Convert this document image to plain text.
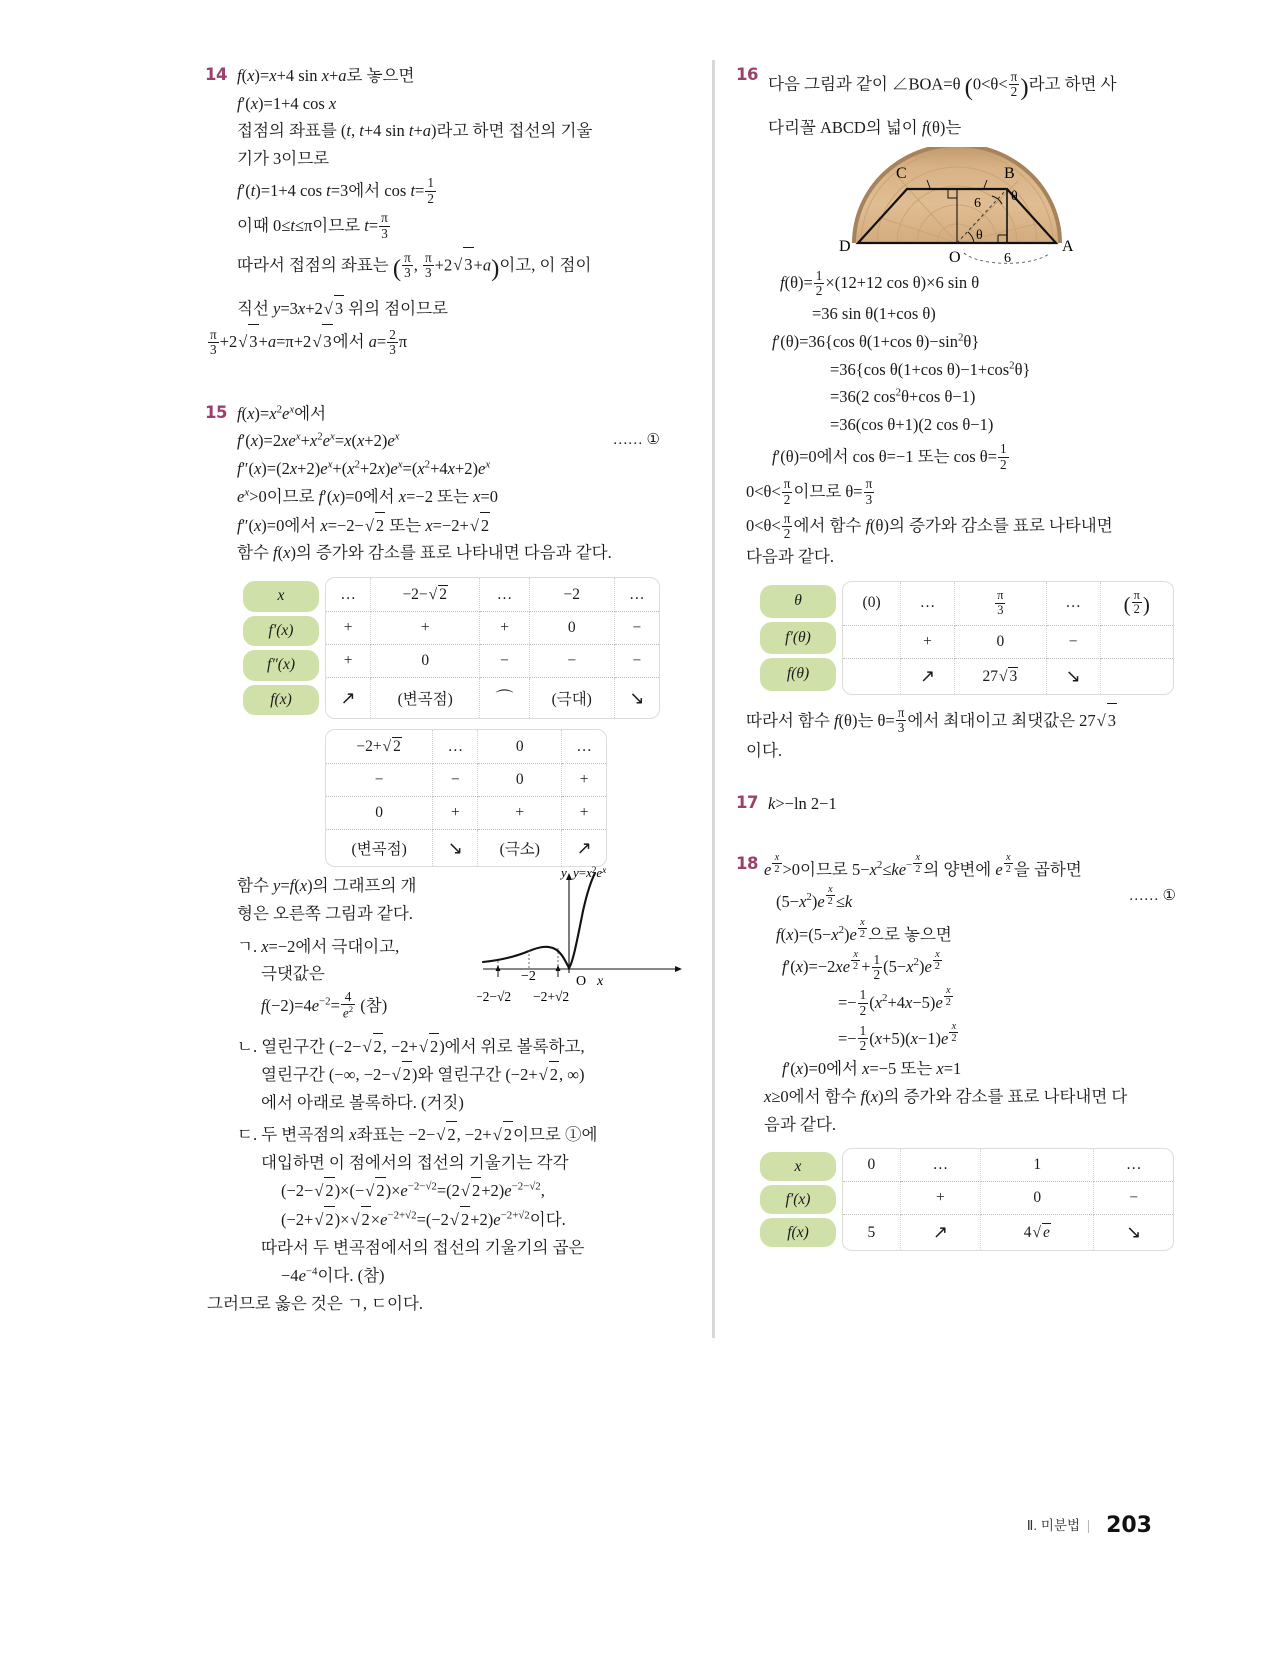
14 f(x)=x+4 sin x+a로 놓으면
f′(x)=1+4 cos x
접점의 좌표를 (t, t+4 sin t+a)라고 하면 접선의 기울
기가 3이므로
f′(t)=1+4 cos t=3에서 $\cos t= \frac{1}{2}$
이때 0≤t≤π이므로 $t= \frac{\pi}{3}$
따라서 접점의 좌표는 ( $\frac{\pi}{3}$ , $\frac{\pi}{3} +2$ √ 3+a)이고, 이 점이
직선 y=3x+2 √ 3 위의 점이므로
$\frac{\pi}{3} +2$ √ 3+a=π+2 √ 3에서 $a= \frac{2}{3}$ π
15 $f(x)=x^2e^x$에서
…… ①
$f'(x)=2xe^x+x^2e^x=x(x+2)e^x$
$f''(x)=(2x+2)e^x+(x^2+2x)e^x=(x^2+4x+2)e^x$
$e^x>0$이므로 f′(x)=0에서 x=−2 또는 x=0
f″(x)=0에서 x=−2− √ 2 또는 x=−2+ √ 2
함수 f(x)의 증가와 감소를 표로 나타내면 다음과 같다.
x
f′(x)
f″(x)
f(x)
…	−2− √ 2	…	−2	…
+	+	+	0	−
+	0	−	−	−
↗	(변곡점)	⌒	(극대)	↘
−2+ √ 2	…	0	…
−	−	0	+
0	+	+	+
(변곡점)	↘	(극소)	↗
y $y=x^2e^x$
O x
−2
−2−√2 −2+√2
함수 y=f(x)의 그래프의 개
형은 오른쪽 그림과 같다.
ㄱ. x=−2에서 극대이고,
극댓값은
$f(-2)=4e^{-2}= \frac{4}{e^2}$ (참)
ㄴ. 열린구간 (−2− √ 2, −2+ √ 2)에서 위로 볼록하고,
열린구간 (−∞, −2− √ 2)와 열린구간 (−2+ √ 2, ∞)
에서 아래로 볼록하다. (거짓)
ㄷ. 두 변곡점의 x좌표는 −2− √ 2, −2+ √ 2이므로 ①에
대입하면 이 점에서의 접선의 기울기는 각각
(−2− √ 2)×(− √ $2)\times e^{-2-√2}=(2$ √ $2+2)e^{-2-√2}$,
(−2+ √ 2)× √ $2\times e^{-2+√2}=(-2$ √ $2+2)e^{-2+√2}$이다.
따라서 두 변곡점에서의 접선의 기울기의 곱은
$-4e^{-4}$이다. (참)
그러므로 옳은 것은 ㄱ, ㄷ이다.
16
다음 그림과 같이 ∠BOA=θ ($0<\theta< \frac{\pi}{2}$ )라고 하면 사
다리꼴 ABCD의 넓이 f(θ)는
C	B
D
O
A
6 θ
θ
6
$f(\theta)= \frac{1}{2} \times(12+12$ cos θ)×6 sin θ
=36 sin θ(1+cos θ)
f′(θ)=36{cos θ(1+cos $\theta)-\sin^2\theta$}
=36{cos θ(1+cos $\theta)-1+\cos^2\theta$}
=36(2 $\cos^2\theta+\cos$ θ−1)
=36(cos θ+1)(2 cos θ−1)
f′(θ)=0에서 cos θ=−1 또는 $\cos \theta= \frac{1}{2}$
$0<\theta< \frac{\pi}{2}$ 이므로 $\theta= \frac{\pi}{3}$
$0<\theta< \frac{\pi}{2}$ 에서 함수 f(θ)의 증가와 감소를 표로 나타내면
다음과 같다.
θ
f′(θ)
f(θ)
(0)	…	$\frac{\pi}{3}$	…	( $\frac{\pi}{2}$ )
	+	0	−	
	↗	27 √ 3	↘	
따라서 함수 f(θ)는 $\theta= \frac{\pi}{3}$ 에서 최대이고 최댓값은 27 √ 3
이다.
17 k>−ln 2−1
18 e $^{\frac{x}{2}}$ >0이므로 $5-x^2\le ke^{- \frac{x}{2}}$ 의 양변에 e $^{\frac{x}{2}}$ 을 곱하면
…… ①
$(5-x^2)e$ $^{\frac{x}{2}}$ ≤k
$f(x)=(5-x^2)e$ $^{\frac{x}{2}}$ 으로 놓으면
f′(x)=−2xe $^{\frac{x}{2}} + \frac{1}{2} (5-x^2)e$ $^{\frac{x}{2}}$
=− $\frac{1}{2} (x^2+4x-5)e$ $^{\frac{x}{2}}$
=− $\frac{1}{2} (x+5)(x-1)e$ $^{\frac{x}{2}}$
f′(x)=0에서 x=−5 또는 x=1
x≥0에서 함수 f(x)의 증가와 감소를 표로 나타내면 다
음과 같다.
x
f′(x)
f(x)
0	…	1	…
	+	0	−
5	↗	4 √ e	↘
Ⅱ. 미분법 | 203
